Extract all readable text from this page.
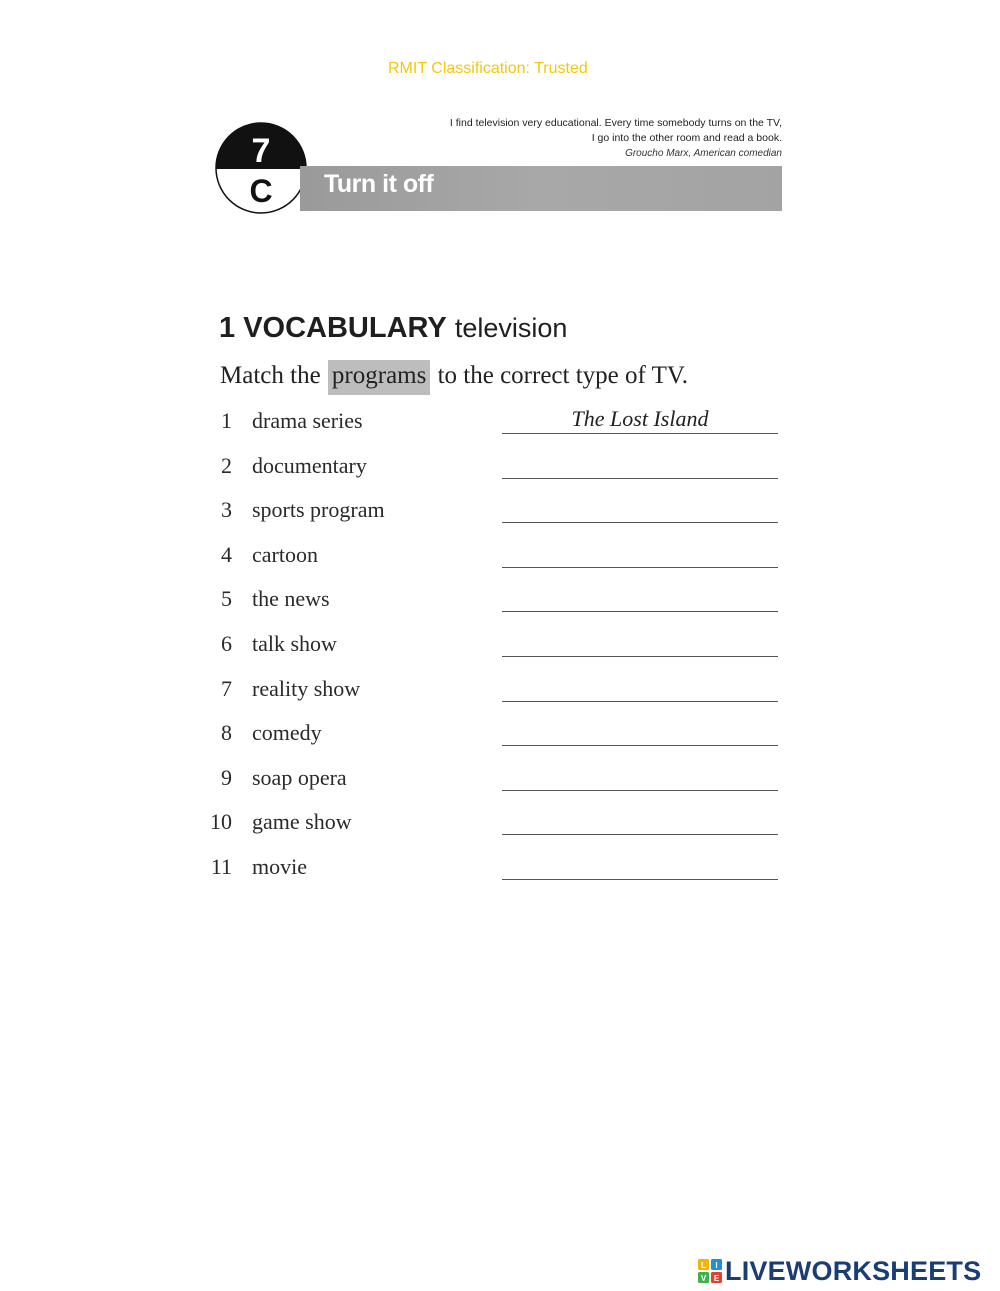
RMIT Classification: Trusted
7
C Turn it off
I find television very educational. Every time somebody turns on the TV,
I go into the other room and read a book.
Groucho Marx, American comedian
1 VOCABULARY television
Match the programs to the correct type of TV.
1 drama series	The Lost Island
2 documentary
3 sports program
4 cartoon
5 the news
6 talk show
7 reality show
8 comedy
9 soap opera
10 game show
11 movie
L I
V E LIVEWORKSHEETS
